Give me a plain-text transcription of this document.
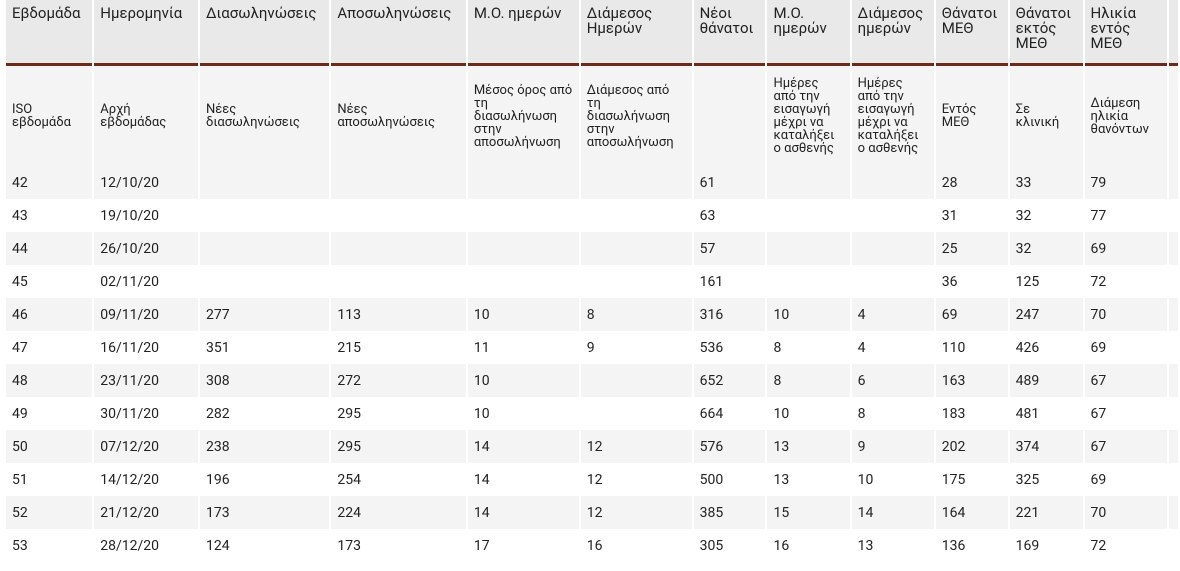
Εβδομάδα	Ημερομηνία	Διασωληνώσεις	Αποσωληνώσεις	Μ.Ο. ημερών	Διάμεσος Ημερών	Νέοι θάνατοι	Μ.Ο. ημερών	Διάμεσος ημερών	Θάνατοι ΜΕΘ	Θάνατοι εκτός ΜΕΘ	Ηλικία εντός ΜΕΘ	

ISO εβδομάδα	Αρχή εβδομάδας	Νέες διασωληνώσεις	Νέες αποσωληνώσεις	Μέσος όρος από τη διασωλήνωση στην αποσωλήνωση	Διάμεσος από τη διασωλήνωση στην αποσωλήνωση		Ημέρες από την εισαγωγή μέχρι να καταλήξει ο ασθενής	Ημέρες από την εισαγωγή μέχρι να καταλήξει ο ασθενής	Εντός ΜΕΘ	Σε κλινική	Διάμεση ηλικία θανόντων	
42	12/10/20					61			28	33	79	
43	19/10/20					63			31	32	77	
44	26/10/20					57			25	32	69	
45	02/11/20					161			36	125	72	
46	09/11/20	277	113	10	8	316	10	4	69	247	70	
47	16/11/20	351	215	11	9	536	8	4	110	426	69	
48	23/11/20	308	272	10		652	8	6	163	489	67	
49	30/11/20	282	295	10		664	10	8	183	481	67	
50	07/12/20	238	295	14	12	576	13	9	202	374	67	
51	14/12/20	196	254	14	12	500	13	10	175	325	69	
52	21/12/20	173	224	14	12	385	15	14	164	221	70	
53	28/12/20	124	173	17	16	305	16	13	136	169	72	
